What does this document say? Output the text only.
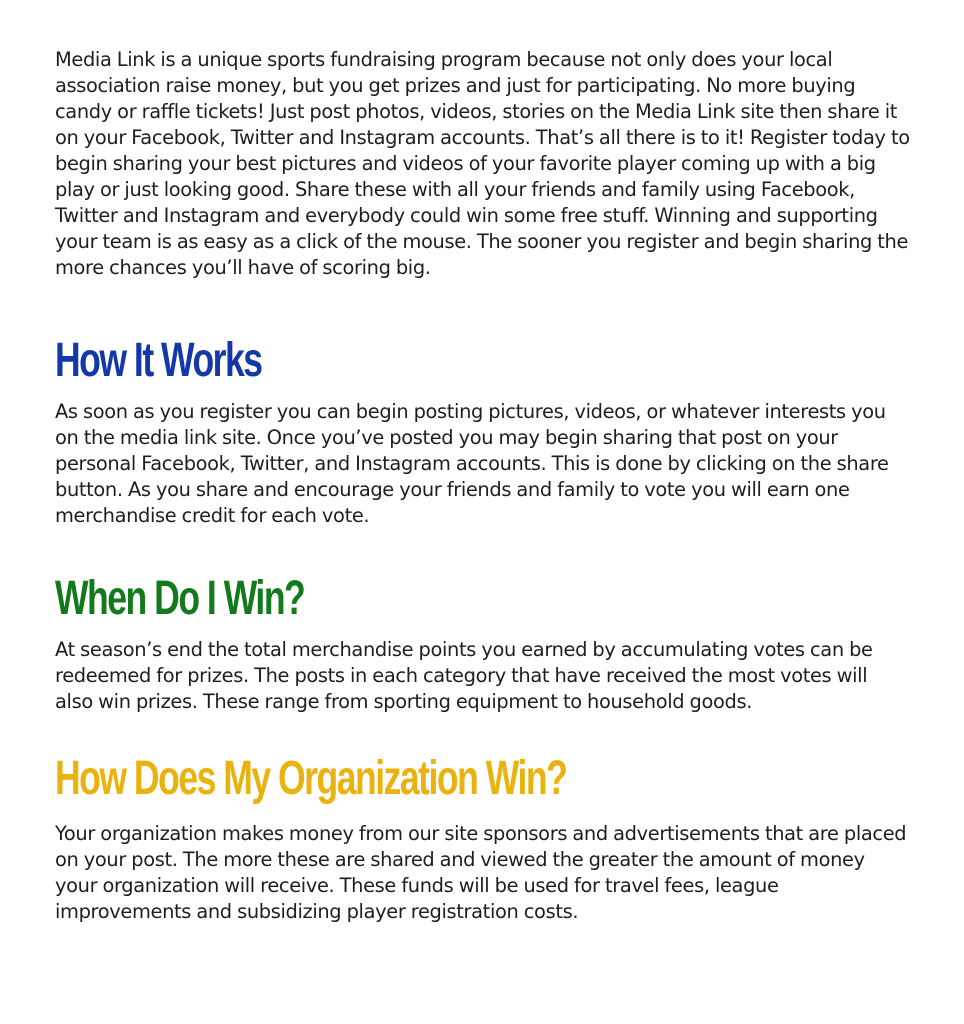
Media Link is a unique sports fundraising program because not only does your local association raise money, but you get prizes and just for participating. No more buying candy or raffle tickets! Just post photos, videos, stories on the Media Link site then share it on your Facebook, Twitter and Instagram accounts. That’s all there is to it! Register today to begin sharing your best pictures and videos of your favorite player coming up with a big play or just looking good. Share these with all your friends and family using Facebook, Twitter and Instagram and everybody could win some free stuff. Winning and supporting your team is as easy as a click of the mouse. The sooner you register and begin sharing the more chances you’ll have of scoring big.

How It Works

As soon as you register you can begin posting pictures, videos, or whatever interests you on the media link site. Once you’ve posted you may begin sharing that post on your personal Facebook, Twitter, and Instagram accounts. This is done by clicking on the share button. As you share and encourage your friends and family to vote you will earn one merchandise credit for each vote.

When Do I Win?

At season’s end the total merchandise points you earned by accumulating votes can be redeemed for prizes. The posts in each category that have received the most votes will also win prizes. These range from sporting equipment to household goods.

How Does My Organization Win?

Your organization makes money from our site sponsors and advertisements that are placed on your post. The more these are shared and viewed the greater the amount of money your organization will receive. These funds will be used for travel fees, league improvements and subsidizing player registration costs.
